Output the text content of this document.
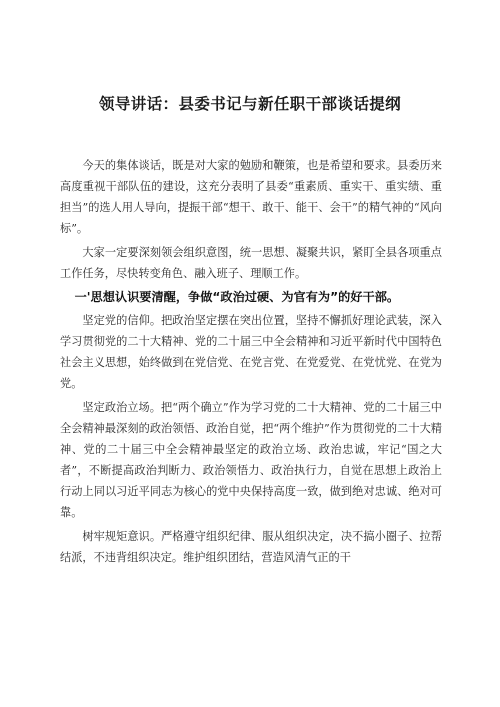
领导讲话：县委书记与新任职干部谈话提纲

今天的集体谈话，既是对大家的勉励和鞭策，也是希望和要求。县委历来高度重视干部队伍的建设，这充分表明了县委“重素质、重实干、重实绩、重担当”的选人用人导向，提振干部“想干、敢干、能干、会干”的精气神的“风向标”。

大家一定要深刻领会组织意图，统一思想、凝聚共识，紧盯全县各项重点工作任务，尽快转变角色、融入班子、理顺工作。

一'思想认识要清醒，争做“政治过硬、为官有为”的好干部。

坚定党的信仰。把政治坚定摆在突出位置，坚持不懈抓好理论武装，深入学习贯彻党的二十大精神、党的二十届三中全会精神和习近平新时代中国特色社会主义思想，始终做到在党信党、在党言党、在党爱党、在党忧党、在党为党。

坚定政治立场。把“两个确立”作为学习党的二十大精神、党的二十届三中全会精神最深刻的政治领悟、政治自觉，把“两个维护”作为贯彻党的二十大精神、党的二十届三中全会精神最坚定的政治立场、政治忠诚，牢记“国之大者”，不断提高政治判断力、政治领悟力、政治执行力，自觉在思想上政治上行动上同以习近平同志为核心的党中央保持高度一致，做到绝对忠诚、绝对可靠。

树牢规矩意识。严格遵守组织纪律、服从组织决定，决不搞小圈子、拉帮结派，不违背组织决定。维护组织团结，营造风清气正的干
